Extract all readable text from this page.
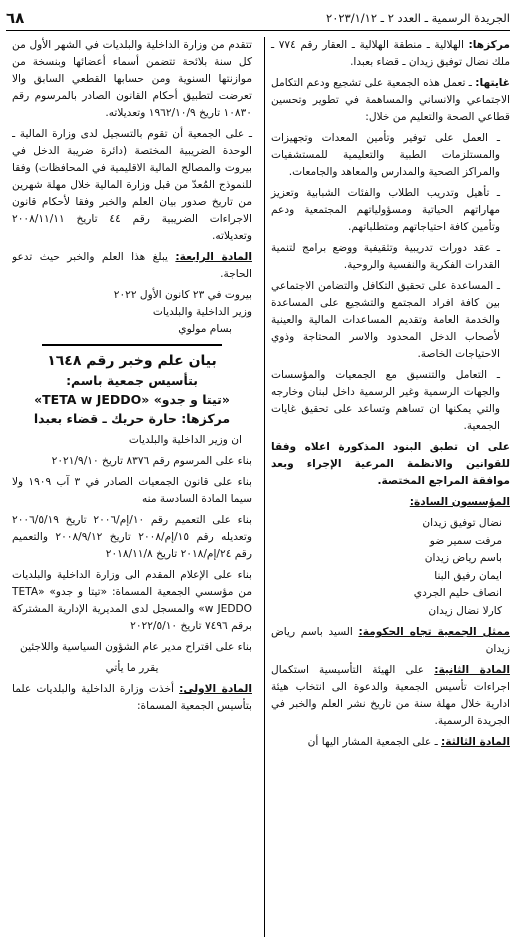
٦٨	الجريدة الرسمية ـ العدد ٢ ـ ٢٠٢٣/١/١٢

مركزها: الهلالية ـ منطقة الهلالية ـ العقار رقم ٧٧٤ ـ ملك نضال توفيق زيدان ـ قضاء بعبدا.

غايتها: ـ تعمل هذه الجمعية على تشجيع ودعم التكامل الاجتماعي والانساني والمساهمة في تطوير وتحسين قطاعي الصحة والتعليم من خلال:

ـ العمل على توفير وتأمين المعدات وتجهيزات والمستلزمات الطبية والتعليمية للمستشفيات والمراكز الصحية والمدارس والمعاهد والجامعات.

ـ تأهيل وتدريب الطلاب والفئات الشبابية وتعزيز مهاراتهم الحياتية ومسؤولياتهم المجتمعية ودعم وتأمين كافة احتياجاتهم ومتطلباتهم.

ـ عقد دورات تدريبية وتثقيفية ووضع برامج لتنمية القدرات الفكرية والنفسية والروحية.

ـ المساعدة على تحقيق التكافل والتضامن الاجتماعي بين كافة افراد المجتمع والتشجيع على المساعدة والخدمة العامة وتقديم المساعدات المالية والعينية لأصحاب الدخل المحدود والاسر المحتاجة وذوي الاحتياجات الخاصة.

ـ التعامل والتنسيق مع الجمعيات والمؤسسات والجهات الرسمية وغير الرسمية داخل لبنان وخارجه والتي يمكنها ان تساهم وتساعد على تحقيق غايات الجمعية.

على ان تطبق البنود المذكورة اعلاه وفقا للقوانين والانظمة المرعية الإجراء وبعد موافقة المراجع المختصة.

المؤسسون السادة:

نضال توفيق زيدان
مرفت سمير ضو
باسم رياض زيدان
ايمان رفيق البنا
انصاف حليم الجردي
كارلا نضال زيدان

ممثل الجمعية تجاه الحكومة: السيد باسم رياض زيدان

المادة الثانية: على الهيئة التأسيسية استكمال اجراءات تأسيس الجمعية والدعوة الى انتخاب هيئة ادارية خلال مهلة سنة من تاريخ نشر العلم والخبر في الجريدة الرسمية.

المادة الثالثة: ـ على الجمعية المشار اليها أن

تتقدم من وزارة الداخلية والبلديات في الشهر الأول من كل سنة بلائحة تتضمن أسماء أعضائها وبنسخة من موازنتها السنوية ومن حسابها القطعي السابق والا تعرضت لتطبيق أحكام القانون الصادر بالمرسوم رقم ١٠٨٣٠ تاريخ ١٩٦٢/١٠/٩ وتعديلاته.

ـ على الجمعية أن تقوم بالتسجيل لدى وزارة المالية ـ الوحدة الضريبية المختصة (دائرة ضريبة الدخل في بيروت والمصالح المالية الاقليمية في المحافظات) وفقا للنموذج المُعدّ من قبل وزارة المالية خلال مهلة شهرين من تاريخ صدور بيان العلم والخبر وفقا لأحكام قانون الاجراءات الضريبية رقم ٤٤ تاريخ ٢٠٠٨/١١/١١ وتعديلاته.

المادة الرابعة: يبلغ هذا العلم والخبر حيث تدعو الحاجة.

بيروت في ٢٣ كانون الأول ٢٠٢٢
وزير الداخلية والبلديات
بسام مولوي
بيان علم وخبر رقم ١٦٤٨
بتأسيس جمعية باسم:
«تيتا و جدو» «TETA w JEDDO»
مركزها: حارة حريك ـ قضاء بعبدا

ان وزير الداخلية والبلديات

بناء على المرسوم رقم ٨٣٧٦ تاريخ ٢٠٢١/٩/١٠

بناء على قانون الجمعيات الصادر في ٣ آب ١٩٠٩ ولا سيما المادة السادسة منه

بناء على التعميم رقم ١٠/إم/٢٠٠٦ تاريخ ٢٠٠٦/٥/١٩ وتعديله رقم ١٥/إم/٢٠٠٨ تاريخ ٢٠٠٨/٩/١٢ والتعميم رقم ٢٤/إم/٢٠١٨ تاريخ ٢٠١٨/١١/٨

بناء على الإعلام المقدم الى وزارة الداخلية والبلديات من مؤسسي الجمعية المسماة: «تيتا و جدو» «TETA w JEDDO» والمسجل لدى المديرية الإدارية المشتركة برقم ٧٤٩٦ تاريخ ٢٠٢٢/٥/١٠

بناء على اقتراح مدير عام الشؤون السياسية واللاجئين

يقرر ما يأتي

المادة الاولى: أخذت وزارة الداخلية والبلديات علما بتأسيس الجمعية المسماة:
